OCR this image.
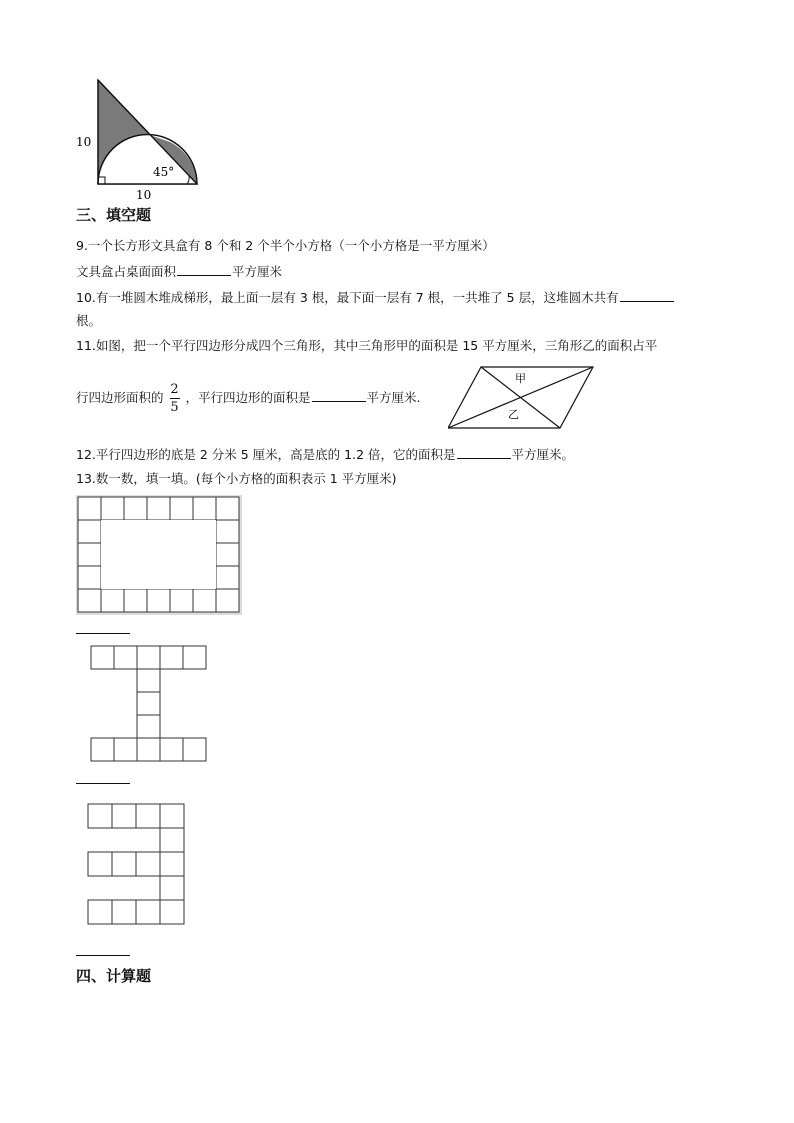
10
10
45°
三、填空题
9.一个长方形文具盒有 8 个和 2 个半个小方格（一个小方格是一平方厘米）
文具盒占桌面面积	平方厘米
10.有一堆圆木堆成梯形，最上面一层有 3 根，最下面一层有 7 根，一共堆了 5 层，这堆圆木共有
根。
11.如图，把一个平行四边形分成四个三角形，其中三角形甲的面积是 15 平方厘米，三角形乙的面积占平
行四边形面积的 $\frac{2}{5}$ ，平行四边形的面积是	平方厘米.
甲
乙
12.平行四边形的底是 2 分米 5 厘米，高是底的 1.2 倍，它的面积是	平方厘米。
13.数一数，填一填。(每个小方格的面积表示 1 平方厘米)
四、计算题
